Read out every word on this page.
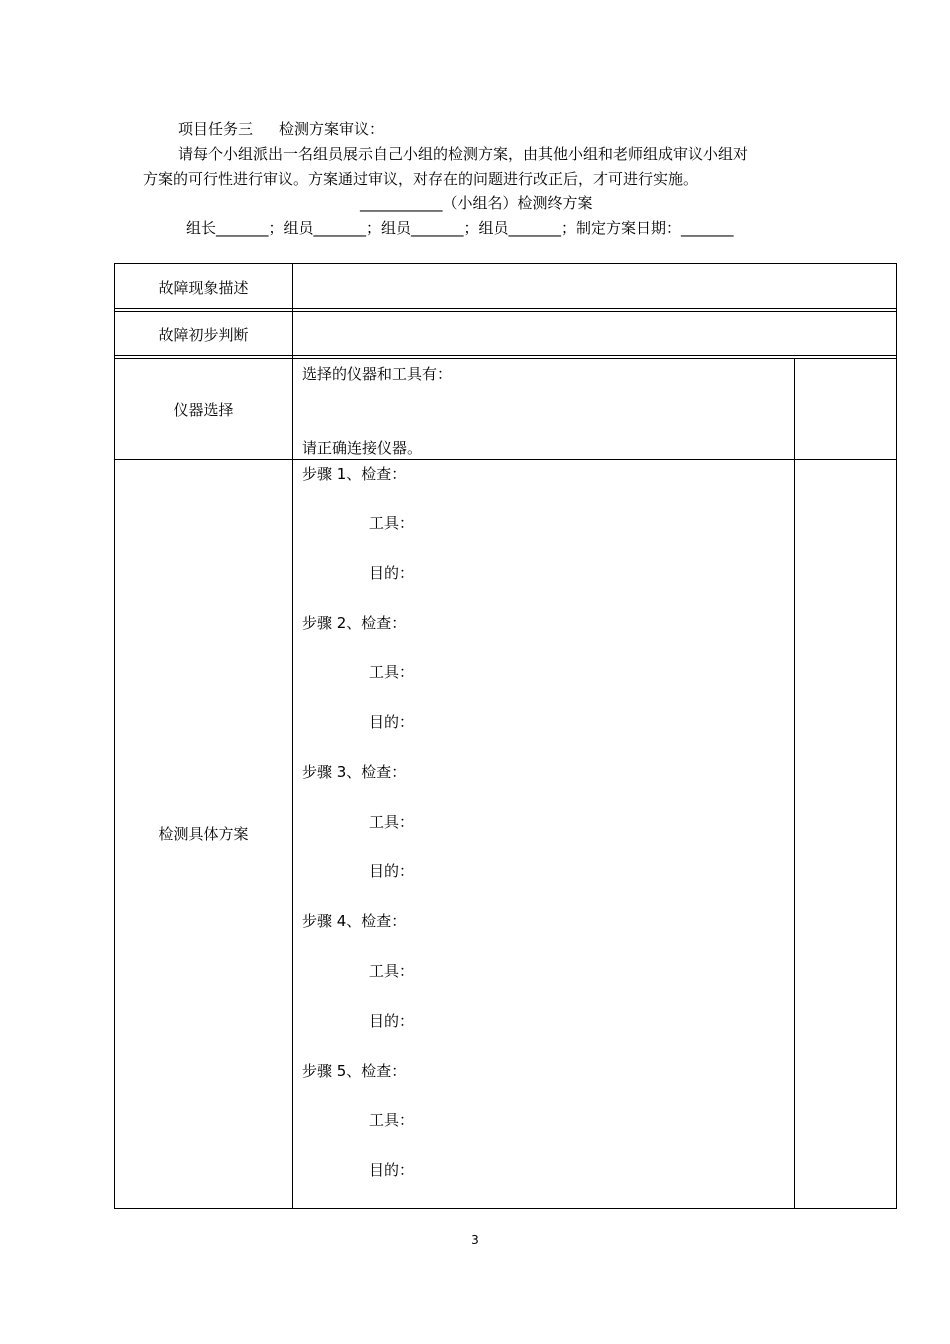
项目任务三 检测方案审议：
请每个小组派出一名组员展示自己小组的检测方案，由其他小组和老师组成审议小组对
方案的可行性进行审议。方案通过审议，对存在的问题进行改正后，才可进行实施。
___________（小组名）检测终方案
组长_______；组员_______；组员_______；组员_______；制定方案日期：_______
故障现象描述
故障初步判断
仪器选择
检测具体方案
选择的仪器和工具有：
请正确连接仪器。
步骤 1、检查：
工具：
目的：
步骤 2、检查：
工具：
目的：
步骤 3、检查：
工具：
目的：
步骤 4、检查：
工具：
目的：
步骤 5、检查：
工具：
目的：
3
